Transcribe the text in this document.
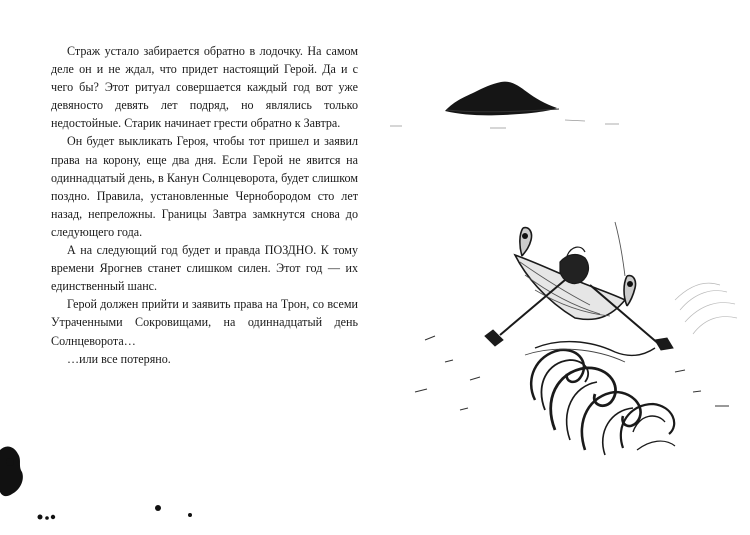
Страж устало забирается обратно в лодочку. На самом деле он и не ждал, что придет настоящий Герой. Да и с чего бы? Этот ритуал совершается каждый год вот уже девяносто девять лет подряд, но являлись только недостойные. Старик начинает грести обратно к Завтра.

Он будет выкликать Героя, чтобы тот пришел и заявил права на корону, еще два дня. Если Герой не явится на одиннадцатый день, в Канун Солнцеворота, будет слишком поздно. Правила, установленные Чернобородом сто лет назад, непреложны. Границы Завтра замкнутся снова до следующего года.

А на следующий год будет и правда ПОЗДНО. К тому времени Ярогнев станет слишком силен. Этот год — их единственный шанс.

Герой должен прийти и заявить права на Трон, со всеми Утраченными Сокровищами, на одиннадцатый день Солнцеворота…

…или все потеряно.
